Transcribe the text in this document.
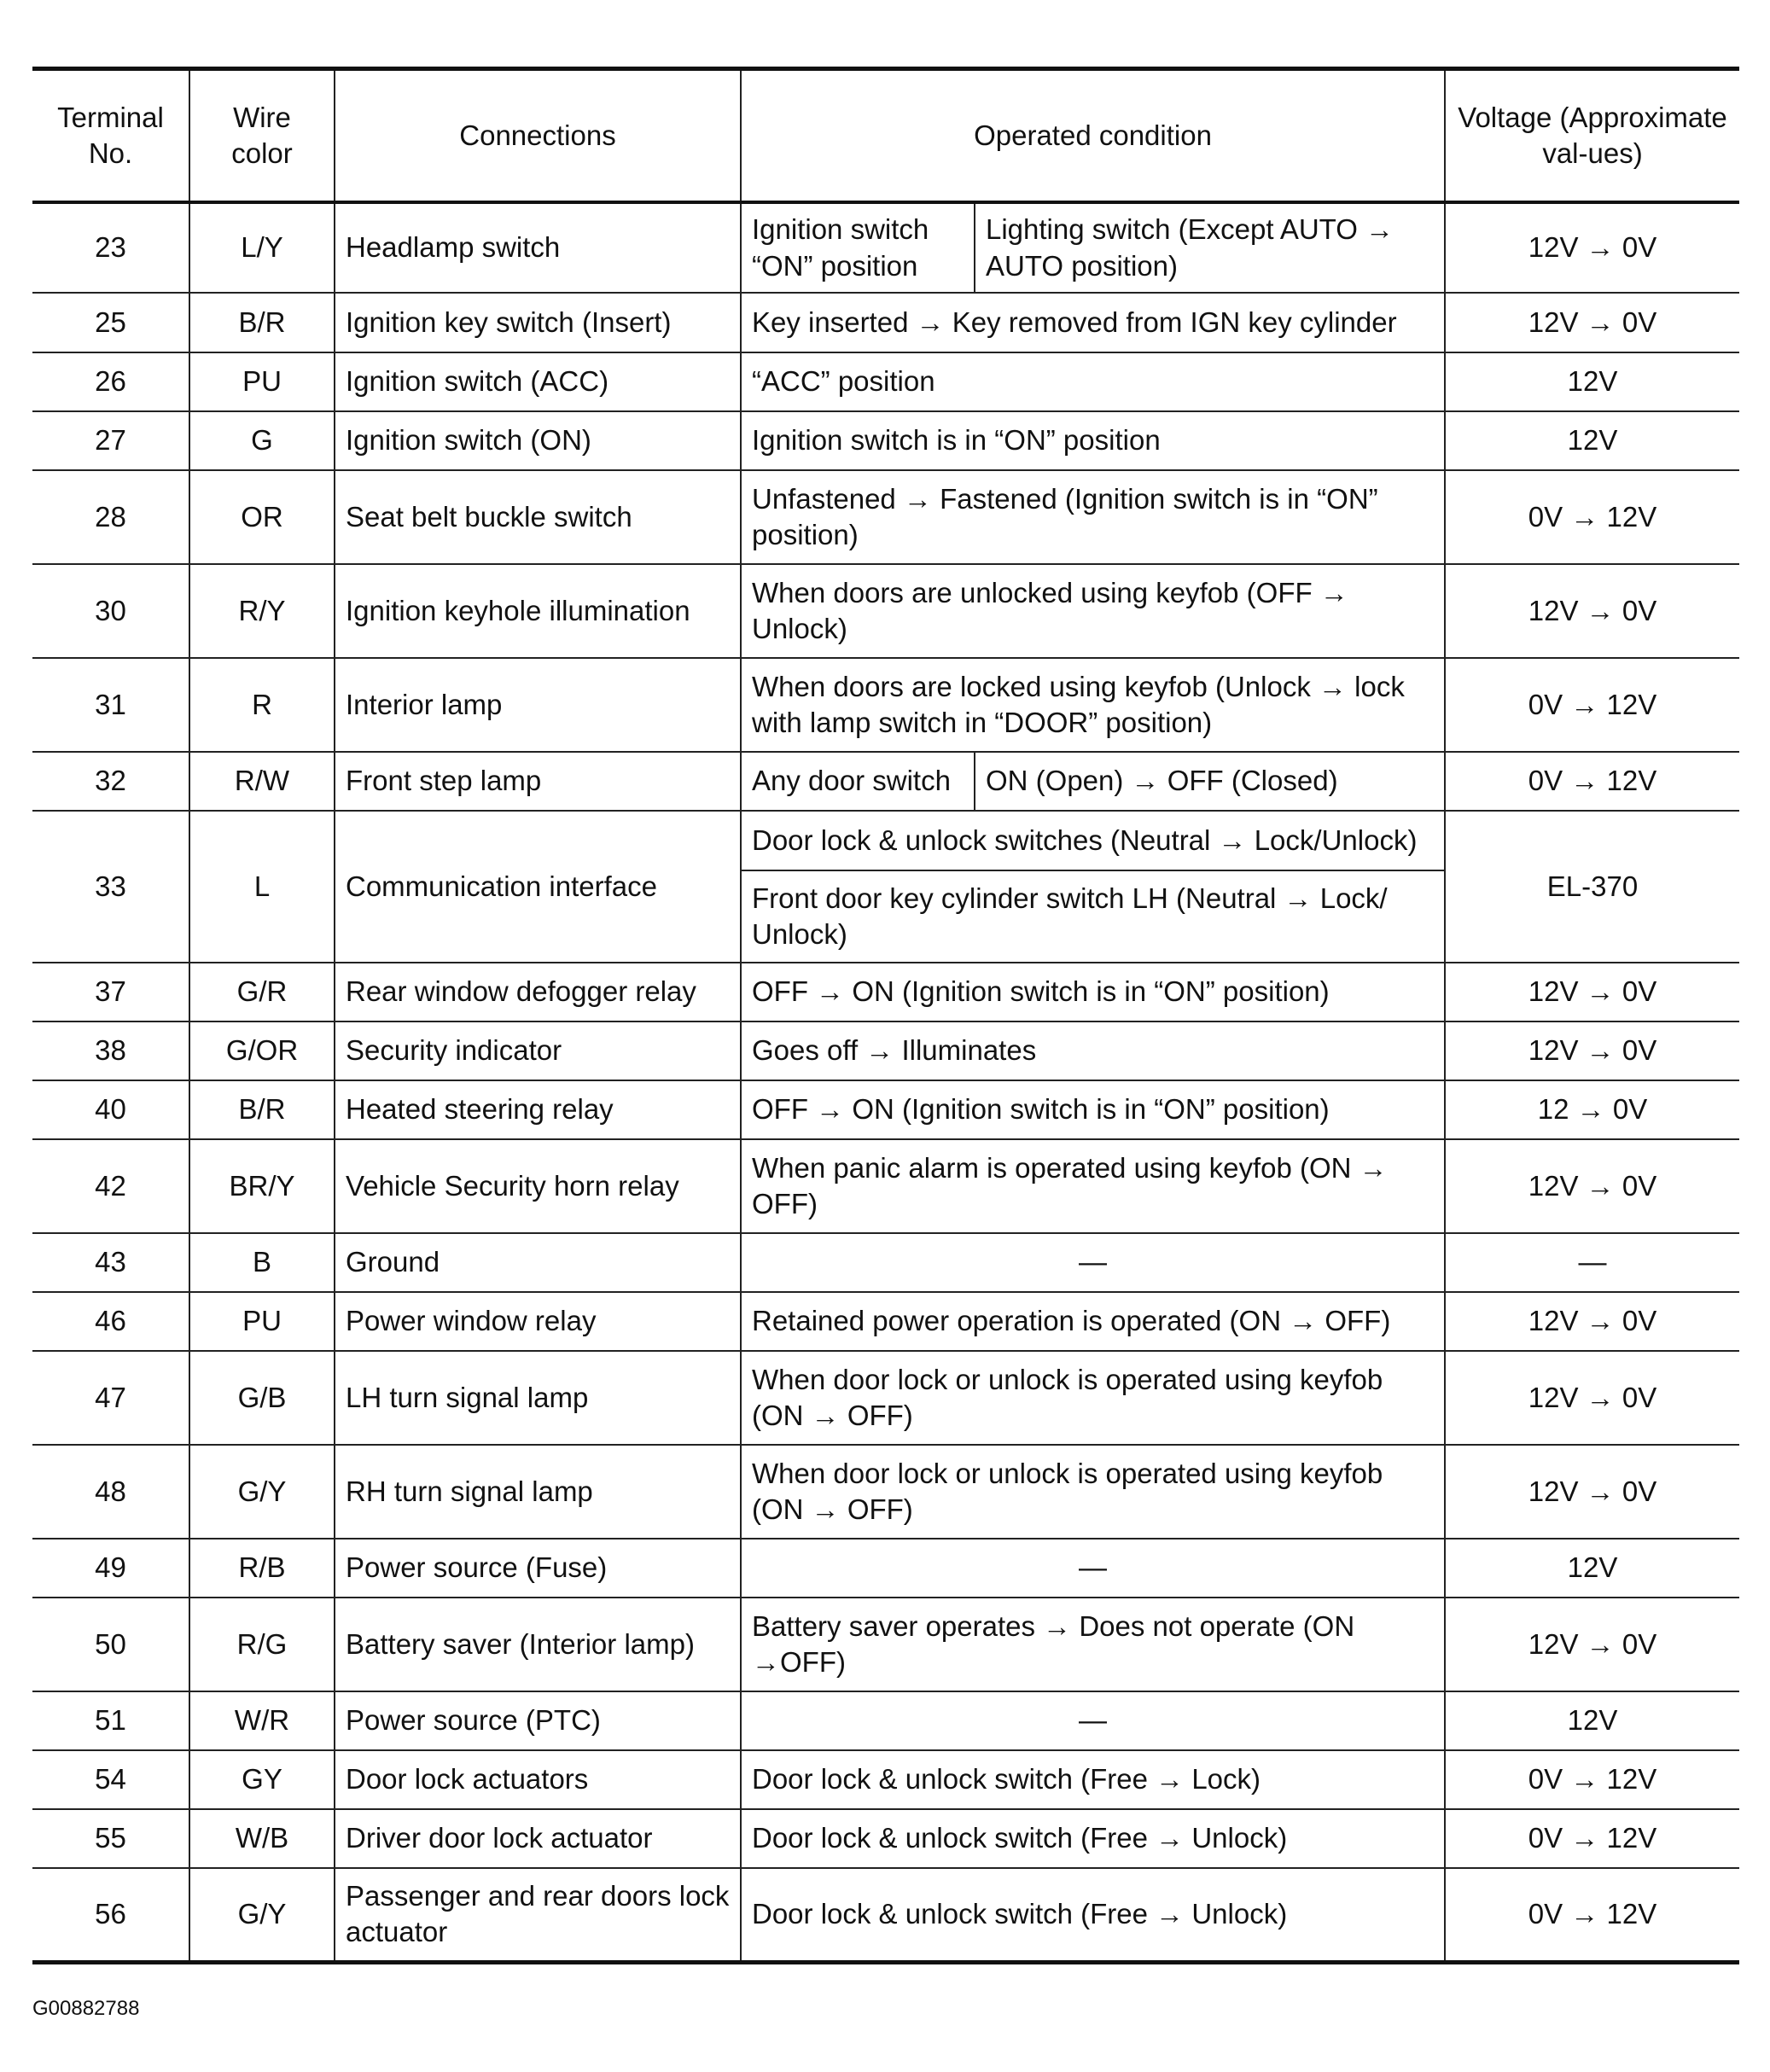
Terminal No.	Wire color	Connections	Operated condition		Voltage (Approximate val-ues)
23	L/Y	Headlamp switch	Ignition switch “ON” position	Lighting switch (Except AUTO → AUTO position)	12V → 0V
25	B/R	Ignition key switch (Insert)	Key inserted → Key removed from IGN key cylinder		12V → 0V
26	PU	Ignition switch (ACC)	“ACC” position		12V
27	G	Ignition switch (ON)	Ignition switch is in “ON” position		12V
28	OR	Seat belt buckle switch	Unfastened → Fastened (Ignition switch is in “ON” position)		0V → 12V
30	R/Y	Ignition keyhole illumination	When doors are unlocked using keyfob (OFF → Unlock)		12V → 0V
31	R	Interior lamp	When doors are locked using keyfob (Unlock → lock with lamp switch in “DOOR” position)		0V → 12V
32	R/W	Front step lamp	Any door switch	ON (Open) → OFF (Closed)	0V → 12V
33	L	Communication interface	Door lock & unlock switches (Neutral → Lock/Unlock)		EL-370
			Front door key cylinder switch LH (Neutral → Lock/ Unlock)		
37	G/R	Rear window defogger relay	OFF → ON (Ignition switch is in “ON” position)		12V → 0V
38	G/OR	Security indicator	Goes off → Illuminates		12V → 0V
40	B/R	Heated steering relay	OFF → ON (Ignition switch is in “ON” position)		12 → 0V
42	BR/Y	Vehicle Security horn relay	When panic alarm is operated using keyfob (ON → OFF)		12V → 0V
43	B	Ground	—		—
46	PU	Power window relay	Retained power operation is operated (ON → OFF)		12V → 0V
47	G/B	LH turn signal lamp	When door lock or unlock is operated using keyfob (ON → OFF)		12V → 0V
48	G/Y	RH turn signal lamp	When door lock or unlock is operated using keyfob (ON → OFF)		12V → 0V
49	R/B	Power source (Fuse)	—		12V
50	R/G	Battery saver (Interior lamp)	Battery saver operates → Does not operate (ON →OFF)		12V → 0V
51	W/R	Power source (PTC)	—		12V
54	GY	Door lock actuators	Door lock & unlock switch (Free → Lock)		0V → 12V
55	W/B	Driver door lock actuator	Door lock & unlock switch (Free → Unlock)		0V → 12V
56	G/Y	Passenger and rear doors lock actuator	Door lock & unlock switch (Free → Unlock)		0V → 12V
G00882788
